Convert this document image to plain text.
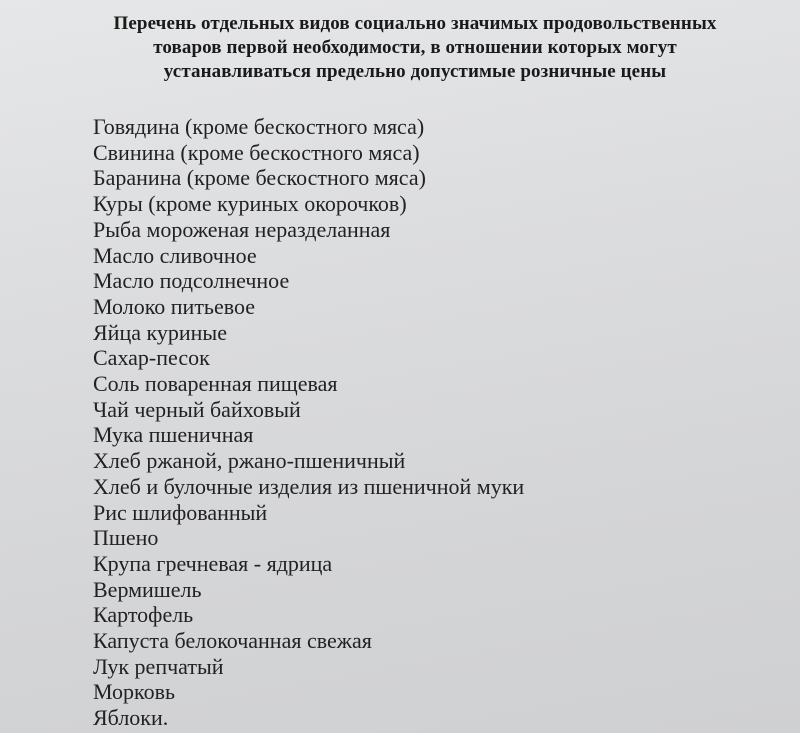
Перечень отдельных видов социально значимых продовольственных
товаров первой необходимости, в отношении которых могут
устанавливаться предельно допустимые розничные цены
Говядина (кроме бескостного мяса)
Свинина (кроме бескостного мяса)
Баранина (кроме бескостного мяса)
Куры (кроме куриных окорочков)
Рыба мороженая неразделанная
Масло сливочное
Масло подсолнечное
Молоко питьевое
Яйца куриные
Сахар-песок
Соль поваренная пищевая
Чай черный байховый
Мука пшеничная
Хлеб ржаной, ржано-пшеничный
Хлеб и булочные изделия из пшеничной муки
Рис шлифованный
Пшено
Крупа гречневая - ядрица
Вермишель
Картофель
Капуста белокочанная свежая
Лук репчатый
Морковь
Яблоки.
